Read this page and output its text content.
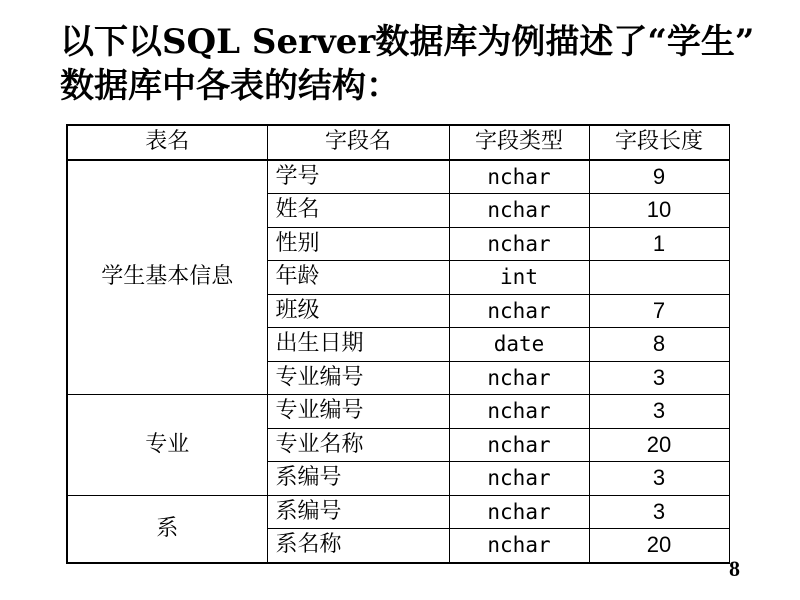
以下以SQL Server数据库为例描述了“学生”
数据库中各表的结构：
表名	字段名	字段类型	字段长度
学生基本信息	学号	nchar	9
	姓名	nchar	10
	性别	nchar	1
	年龄	int	
	班级	nchar	7
	出生日期	date	8
	专业编号	nchar	3
专业	专业编号	nchar	3
	专业名称	nchar	20
	系编号	nchar	3
系	系编号	nchar	3
	系名称	nchar	20
8
